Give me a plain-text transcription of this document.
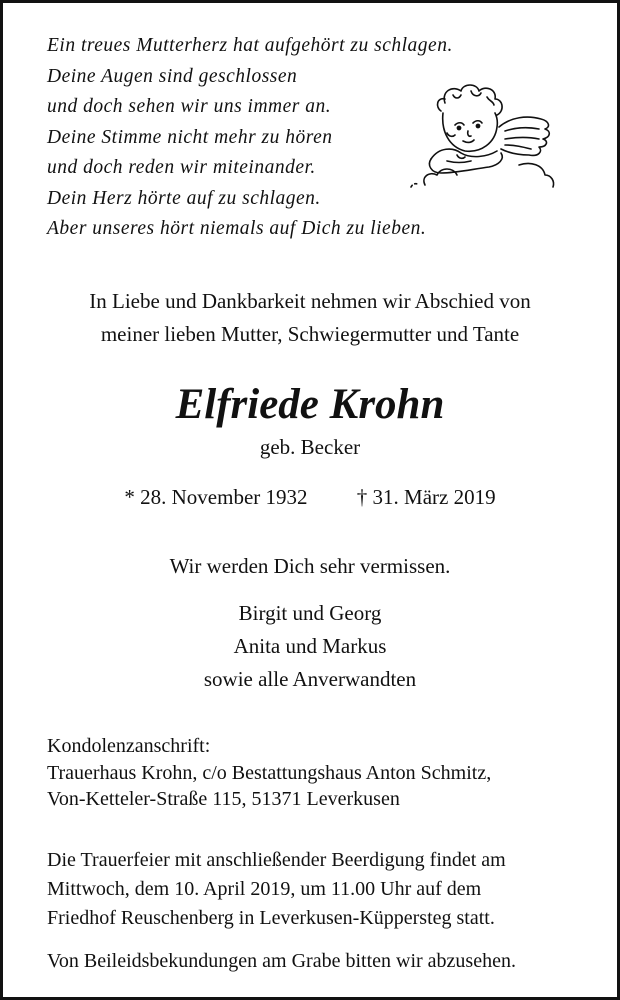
Ein treues Mutterherz hat aufgehört zu schlagen.
Deine Augen sind geschlossen
und doch sehen wir uns immer an.
Deine Stimme nicht mehr zu hören
und doch reden wir miteinander.
Dein Herz hörte auf zu schlagen.
Aber unseres hört niemals auf Dich zu lieben.
In Liebe und Dankbarkeit nehmen wir Abschied von
meiner lieben Mutter, Schwiegermutter und Tante
Elfriede Krohn
geb. Becker
* 28. November 1932 † 31. März 2019
Wir werden Dich sehr vermissen.
Birgit und Georg
Anita und Markus
sowie alle Anverwandten
Kondolenzanschrift:
Trauerhaus Krohn, c/o Bestattungshaus Anton Schmitz,
Von-Ketteler-Straße 115, 51371 Leverkusen
Die Trauerfeier mit anschließender Beerdigung findet am
Mittwoch, dem 10. April 2019, um 11.00 Uhr auf dem
Friedhof Reuschenberg in Leverkusen-Küppersteg statt.
Von Beileidsbekundungen am Grabe bitten wir abzusehen.
